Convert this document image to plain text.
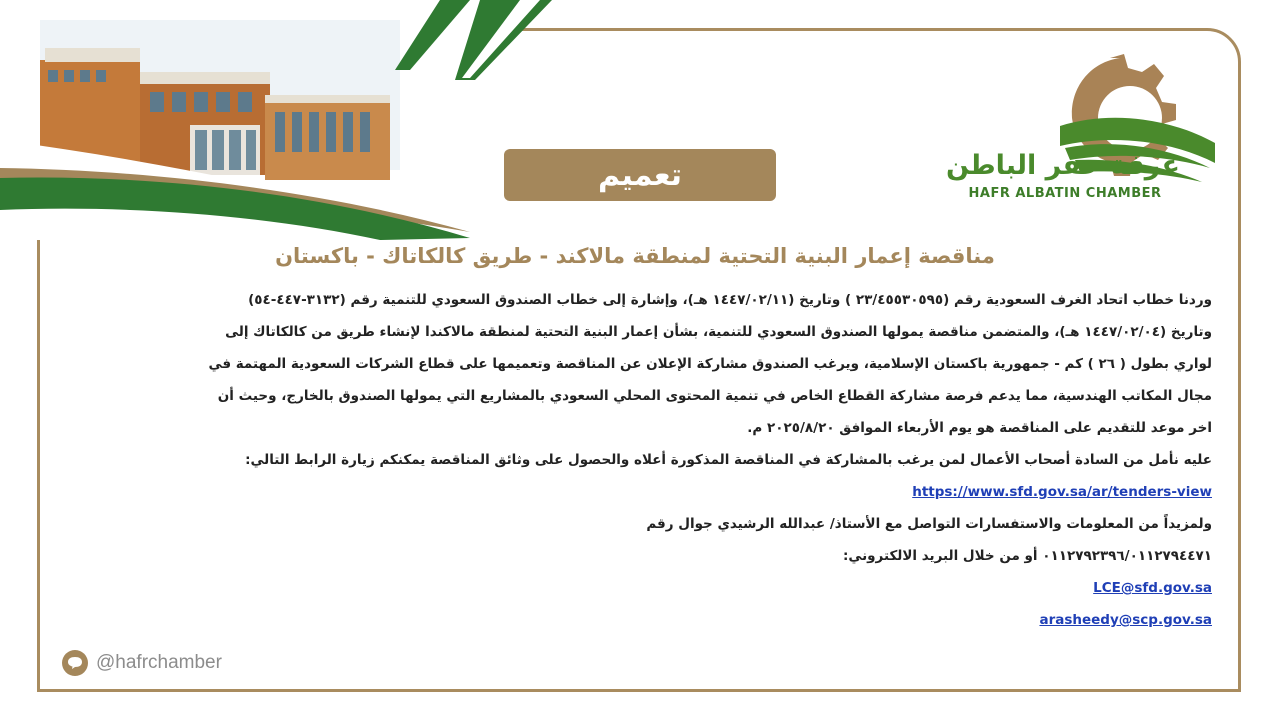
غرفة حفر الباطن
HAFR ALBATIN CHAMBER
تعميم
مناقصة إعمار البنية التحتية لمنطقة مالاكند - طريق كالكاتاك - باكستان
وردنا خطاب اتحاد الغرف السعودية رقم (٢٣/٤٥٥٣٠٥٩٥ ) وتاريخ (١٤٤٧/٠٢/١١ هـ)، وإشارة إلى خطاب الصندوق السعودي للتنمية رقم (٣١٣٢-٤٤٧-٥٤)
وتاريخ (١٤٤٧/٠٢/٠٤ هـ)، والمتضمن مناقصة يمولها الصندوق السعودي للتنمية، بشأن إعمار البنية التحتية لمنطقة مالاكندا لإنشاء طريق من كالكاتاك إلى
لواري بطول ( ٢٦ ) كم - جمهورية باكستان الإسلامية، ويرغب الصندوق مشاركة الإعلان عن المناقصة وتعميمها على قطاع الشركات السعودية المهتمة في
مجال المكاتب الهندسية، مما يدعم فرصة مشاركة القطاع الخاص في تنمية المحتوى المحلي السعودي بالمشاريع التي يمولها الصندوق بالخارج، وحيث أن
اخر موعد للتقديم على المناقصة هو يوم الأربعاء الموافق ٢٠٢٥/٨/٢٠ م.
عليه نأمل من السادة أصحاب الأعمال لمن يرغب بالمشاركة في المناقصة المذكورة أعلاه والحصول على وثائق المناقصة يمكنكم زيارة الرابط التالي:
https://www.sfd.gov.sa/ar/tenders-view
ولمزيداً من المعلومات والاستفسارات التواصل مع الأستاذ/ عبدالله الرشيدي جوال رقم
٠١١٢٧٩٢٣٩٦/٠١١٢٧٩٤٤٧١ أو من خلال البريد الالكتروني:
LCE@sfd.gov.sa
arasheedy@scp.gov.sa
@hafrchamber
